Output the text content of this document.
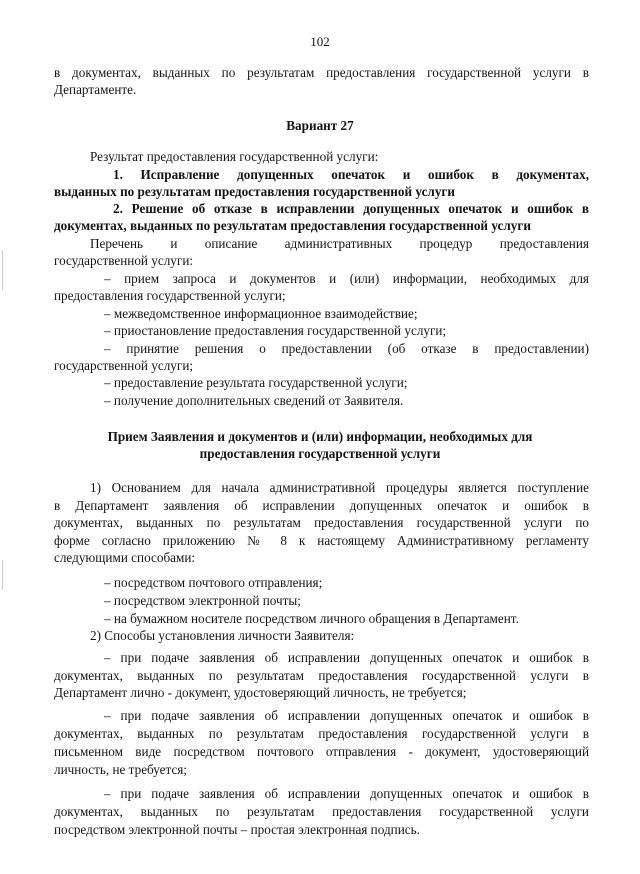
102
в документах, выданных по результатам предоставления государственной услуги в
Департаменте.
Вариант 27
Результат предоставления государственной услуги:
1. Исправление допущенных опечаток и ошибок в документах,
выданных по результатам предоставления государственной услуги
2. Решение об отказе в исправлении допущенных опечаток и ошибок в
документах, выданных по результатам предоставления государственной услуги
Перечень и описание административных процедур предоставления
государственной услуги:
– прием запроса и документов и (или) информации, необходимых для
предоставления государственной услуги;
– межведомственное информационное взаимодействие;
– приостановление предоставления государственной услуги;
– принятие решения о предоставлении (об отказе в предоставлении)
государственной услуги;
– предоставление результата государственной услуги;
– получение дополнительных сведений от Заявителя.
Прием Заявления и документов и (или) информации, необходимых для
предоставления государственной услуги
1) Основанием для начала административной процедуры является поступление
в Департамент заявления об исправлении допущенных опечаток и ошибок в
документах, выданных по результатам предоставления государственной услуги по
форме согласно приложению № 8 к настоящему Административному регламенту
следующими способами:
– посредством почтового отправления;
– посредством электронной почты;
– на бумажном носителе посредством личного обращения в Департамент.
2) Способы установления личности Заявителя:
– при подаче заявления об исправлении допущенных опечаток и ошибок в
документах, выданных по результатам предоставления государственной услуги в
Департамент лично - документ, удостоверяющий личность, не требуется;
– при подаче заявления об исправлении допущенных опечаток и ошибок в
документах, выданных по результатам предоставления государственной услуги в
письменном виде посредством почтового отправления - документ, удостоверяющий
личность, не требуется;
– при подаче заявления об исправлении допущенных опечаток и ошибок в
документах, выданных по результатам предоставления государственной услуги
посредством электронной почты – простая электронная подпись.
